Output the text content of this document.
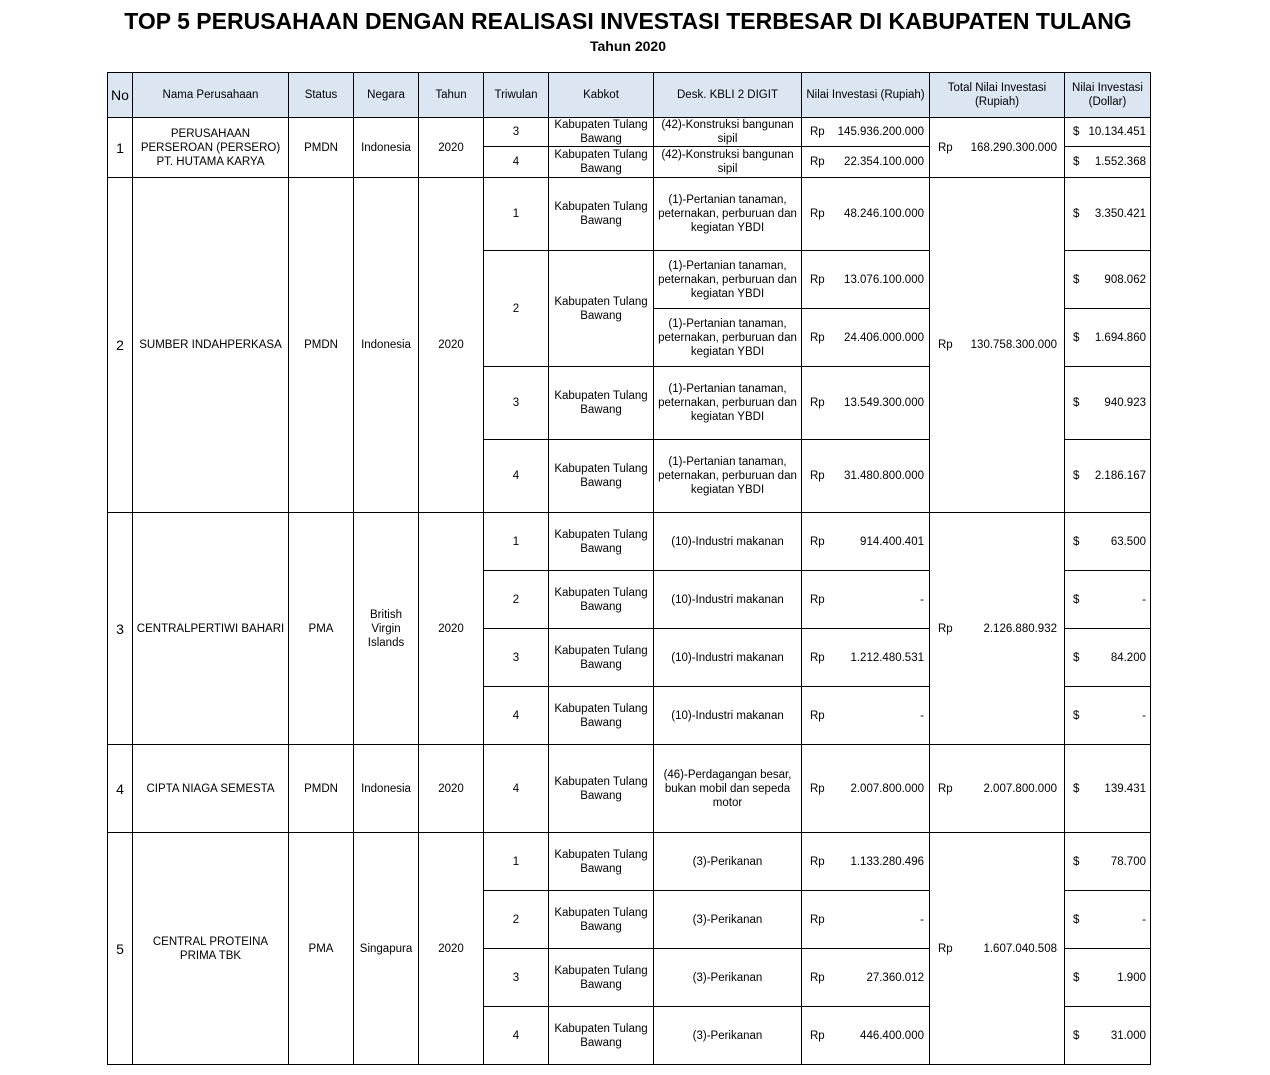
TOP 5 PERUSAHAAN DENGAN REALISASI INVESTASI TERBESAR DI KABUPATEN TULANG
Tahun 2020
No	Nama Perusahaan	Status	Negara	Tahun	Triwulan	Kabkot	Desk. KBLI 2 DIGIT	Nilai Investasi (Rupiah)	Total Nilai Investasi (Rupiah)	Nilai Investasi (Dollar)
1	PERUSAHAAN PERSEROAN (PERSERO) PT. HUTAMA KARYA	PMDN	Indonesia	2020	3	Kabupaten Tulang Bawang	(42)-Konstruksi bangunan sipil	Rp 145.936.200.000	Rp 168.290.300.000	$ 10.134.451

					4	Kabupaten Tulang Bawang	(42)-Konstruksi bangunan sipil	Rp 22.354.100.000		$ 1.552.368

2	SUMBER INDAHPERKASA	PMDN	Indonesia	2020	1	Kabupaten Tulang Bawang	(1)-Pertanian tanaman, peternakan, perburuan dan kegiatan YBDI	Rp 48.246.100.000	Rp 130.758.300.000	$ 3.350.421

					2	Kabupaten Tulang Bawang	(1)-Pertanian tanaman, peternakan, perburuan dan kegiatan YBDI	Rp 13.076.100.000		$ 908.062

							(1)-Pertanian tanaman, peternakan, perburuan dan kegiatan YBDI	Rp 24.406.000.000		$ 1.694.860

					3	Kabupaten Tulang Bawang	(1)-Pertanian tanaman, peternakan, perburuan dan kegiatan YBDI	Rp 13.549.300.000		$ 940.923

					4	Kabupaten Tulang Bawang	(1)-Pertanian tanaman, peternakan, perburuan dan kegiatan YBDI	Rp 31.480.800.000		$ 2.186.167

3	CENTRALPERTIWI BAHARI	PMA	British Virgin Islands	2020	1	Kabupaten Tulang Bawang	(10)-Industri makanan	Rp 914.400.401	Rp 2.126.880.932	$ 63.500

					2	Kabupaten Tulang Bawang	(10)-Industri makanan	Rp -		$ -

					3	Kabupaten Tulang Bawang	(10)-Industri makanan	Rp 1.212.480.531		$ 84.200

					4	Kabupaten Tulang Bawang	(10)-Industri makanan	Rp -		$ -

4	CIPTA NIAGA SEMESTA	PMDN	Indonesia	2020	4	Kabupaten Tulang Bawang	(46)-Perdagangan besar, bukan mobil dan sepeda motor	Rp 2.007.800.000	Rp 2.007.800.000	$ 139.431

5	CENTRAL PROTEINA PRIMA TBK	PMA	Singapura	2020	1	Kabupaten Tulang Bawang	(3)-Perikanan	Rp 1.133.280.496	Rp 1.607.040.508	$ 78.700

					2	Kabupaten Tulang Bawang	(3)-Perikanan	Rp -		$ -

					3	Kabupaten Tulang Bawang	(3)-Perikanan	Rp 27.360.012		$ 1.900

					4	Kabupaten Tulang Bawang	(3)-Perikanan	Rp 446.400.000		$ 31.000
